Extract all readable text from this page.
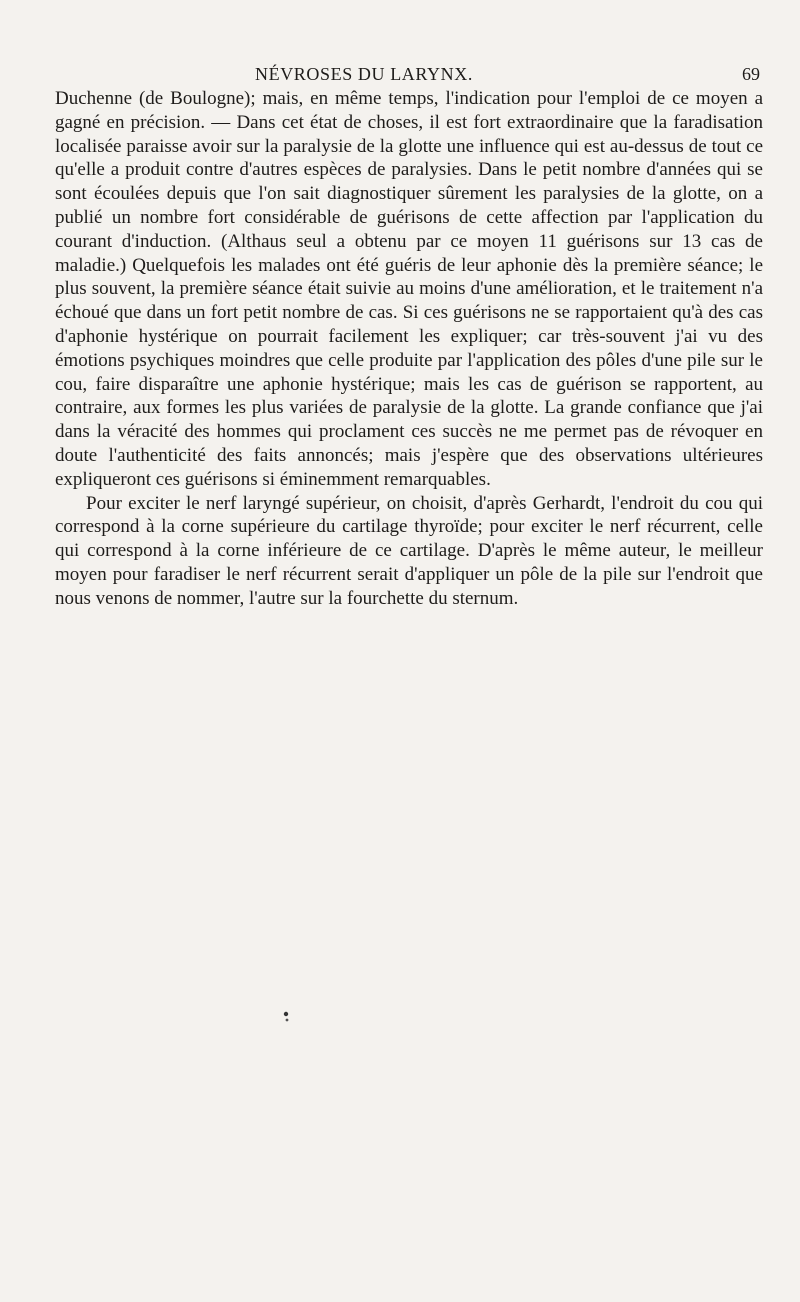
NÉVROSES DU LARYNX.	69

Duchenne (de Boulogne); mais, en même temps, l'indication pour l'emploi de ce moyen a gagné en précision. — Dans cet état de choses, il est fort extraordinaire que la faradisation localisée paraisse avoir sur la paralysie de la glotte une influence qui est au-dessus de tout ce qu'elle a produit contre d'autres espèces de paralysies. Dans le petit nombre d'années qui se sont écoulées depuis que l'on sait diagnostiquer sûrement les paralysies de la glotte, on a publié un nombre fort considérable de guérisons de cette affection par l'application du courant d'induction. (Althaus seul a obtenu par ce moyen 11 guérisons sur 13 cas de maladie.) Quelquefois les malades ont été guéris de leur aphonie dès la première séance; le plus souvent, la première séance était suivie au moins d'une amélioration, et le traitement n'a échoué que dans un fort petit nombre de cas. Si ces guérisons ne se rapportaient qu'à des cas d'aphonie hystérique on pourrait facilement les expliquer; car très-souvent j'ai vu des émotions psychiques moindres que celle produite par l'application des pôles d'une pile sur le cou, faire disparaître une aphonie hystérique; mais les cas de guérison se rapportent, au contraire, aux formes les plus variées de paralysie de la glotte. La grande confiance que j'ai dans la véracité des hommes qui proclament ces succès ne me permet pas de révoquer en doute l'authenticité des faits annoncés; mais j'espère que des observations ultérieures expliqueront ces guérisons si éminemment remarquables.

Pour exciter le nerf laryngé supérieur, on choisit, d'après Gerhardt, l'endroit du cou qui correspond à la corne supérieure du cartilage thyroïde; pour exciter le nerf récurrent, celle qui correspond à la corne inférieure de ce cartilage. D'après le même auteur, le meilleur moyen pour faradiser le nerf récurrent serait d'appliquer un pôle de la pile sur l'endroit que nous venons de nommer, l'autre sur la fourchette du sternum.
